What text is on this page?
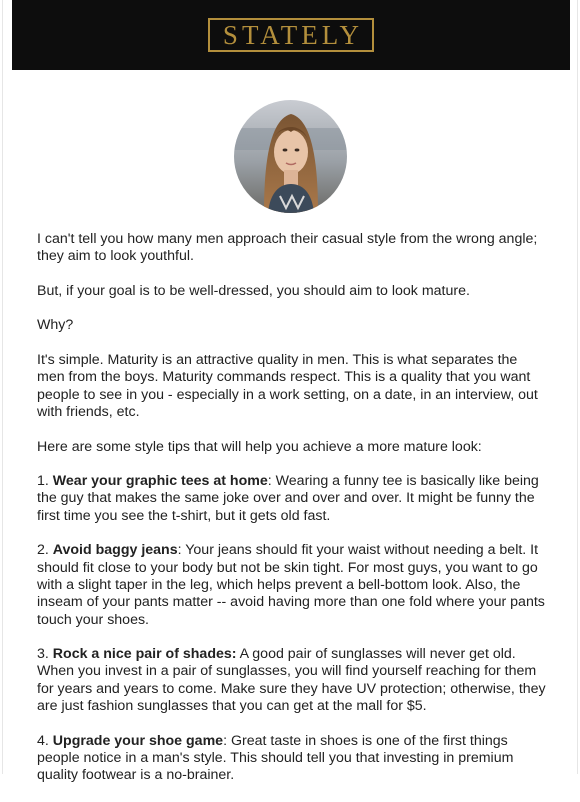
STATELY

I can't tell you how many men approach their casual style from the wrong angle; they aim to look youthful.

But, if your goal is to be well-dressed, you should aim to look mature.

Why?

It's simple. Maturity is an attractive quality in men. This is what separates the men from the boys. Maturity commands respect. This is a quality that you want people to see in you - especially in a work setting, on a date, in an interview, out with friends, etc.

Here are some style tips that will help you achieve a more mature look:

1. Wear your graphic tees at home: Wearing a funny tee is basically like being the guy that makes the same joke over and over and over. It might be funny the first time you see the t-shirt, but it gets old fast.

2. Avoid baggy jeans: Your jeans should fit your waist without needing a belt. It should fit close to your body but not be skin tight. For most guys, you want to go with a slight taper in the leg, which helps prevent a bell-bottom look. Also, the inseam of your pants matter -- avoid having more than one fold where your pants touch your shoes.

3. Rock a nice pair of shades: A good pair of sunglasses will never get old. When you invest in a pair of sunglasses, you will find yourself reaching for them for years and years to come. Make sure they have UV protection; otherwise, they are just fashion sunglasses that you can get at the mall for $5.

4. Upgrade your shoe game: Great taste in shoes is one of the first things people notice in a man's style. This should tell you that investing in premium quality footwear is a no-brainer.
